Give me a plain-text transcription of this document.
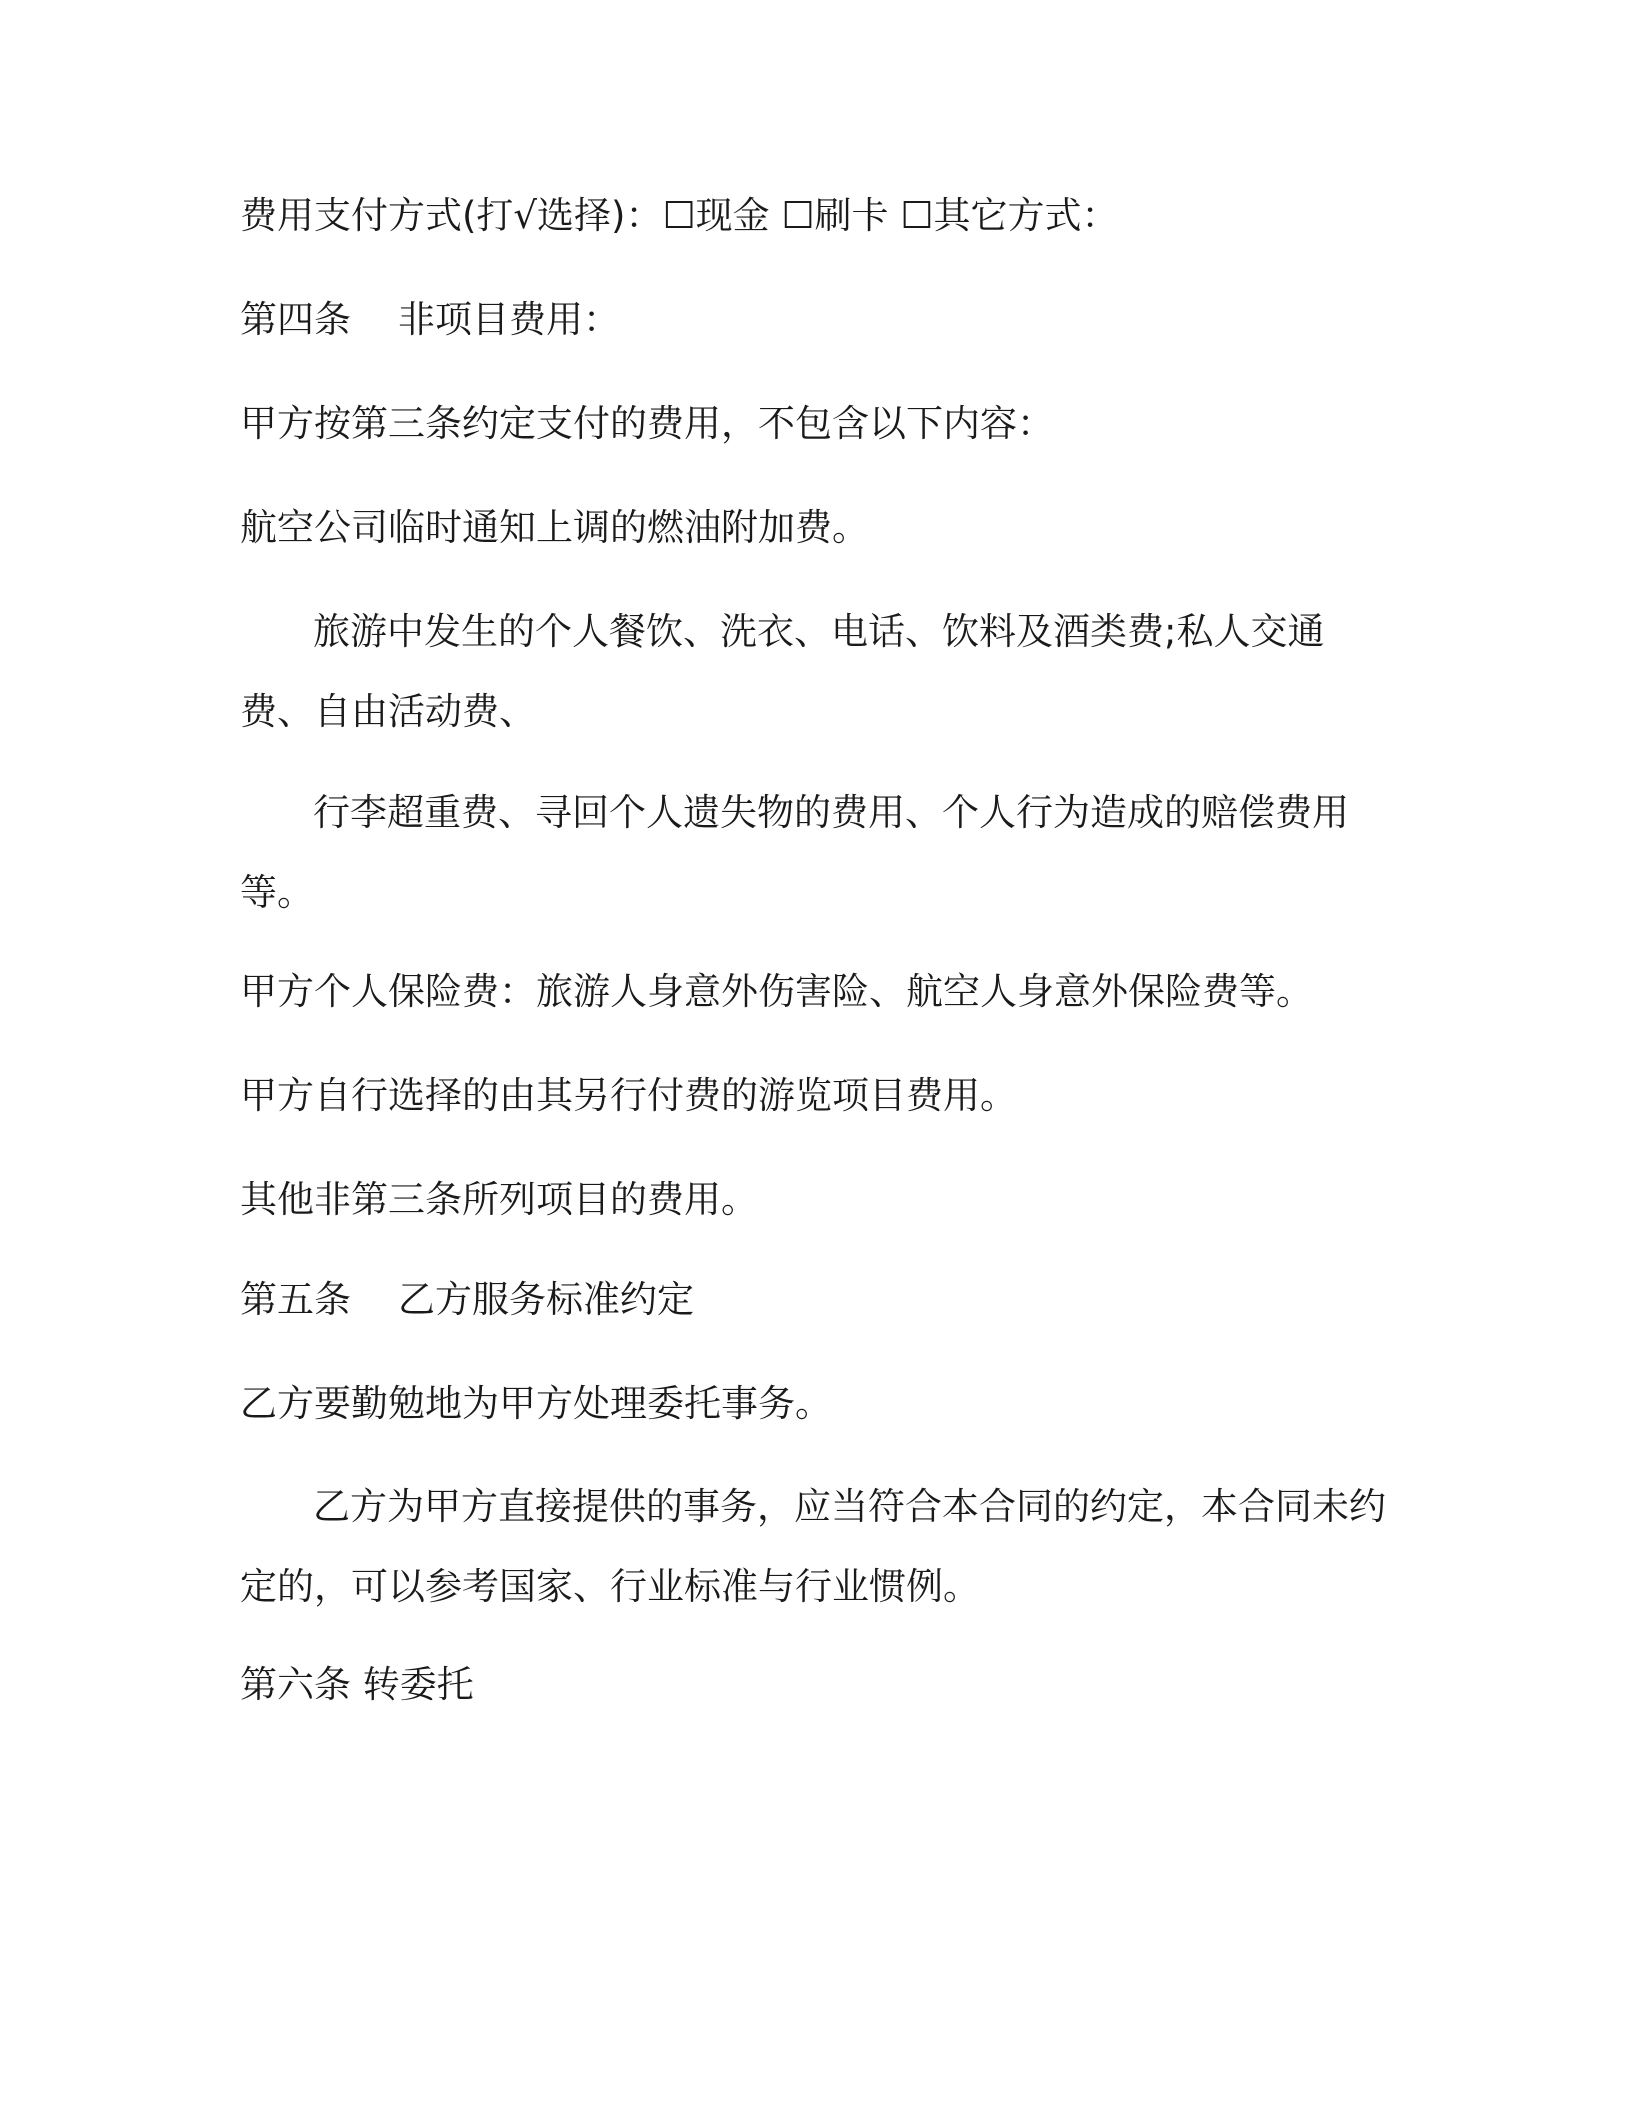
费用支付方式(打√选择)：☐现金 ☐刷卡 ☐其它方式：

第四条    非项目费用：

甲方按第三条约定支付的费用，不包含以下内容：

航空公司临时通知上调的燃油附加费。

旅游中发生的个人餐饮、洗衣、电话、饮料及酒类费;私人交通费、自由活动费、

行李超重费、寻回个人遗失物的费用、个人行为造成的赔偿费用等。

甲方个人保险费：旅游人身意外伤害险、航空人身意外保险费等。

甲方自行选择的由其另行付费的游览项目费用。

其他非第三条所列项目的费用。

第五条    乙方服务标准约定

乙方要勤勉地为甲方处理委托事务。

乙方为甲方直接提供的事务，应当符合本合同的约定，本合同未约定的，可以参考国家、行业标准与行业惯例。

第六条 转委托
